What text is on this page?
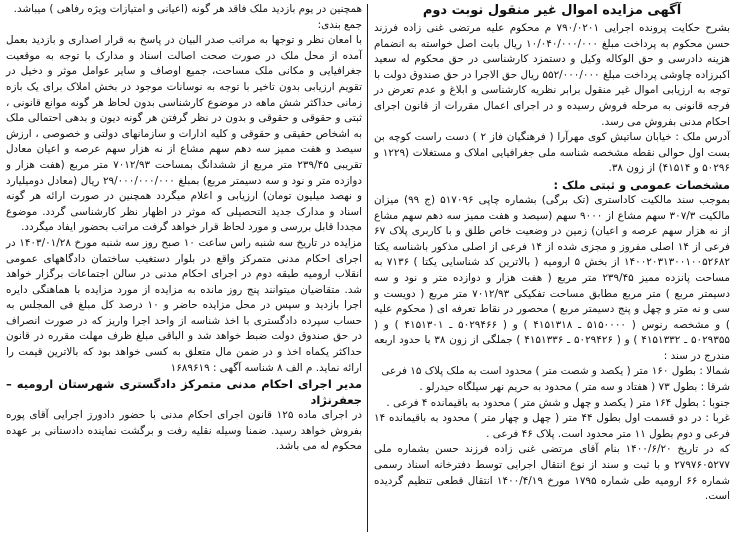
آگهی مزایده اموال غیر منقول نوبت دوم

بشرح حکایت پرونده اجرایی ۷۹۰/۰۲۰۱ م محکوم علیه مرتضی غنی زاده فرزند حسن محکوم به پرداخت مبلغ ۱۰/۰۴۰/۰۰۰/۰۰۰ ریال بابت اصل خواسته به انضمام هزینه دادرسی و حق الوکاله وکیل و دستمزد کارشناسی در حق محکوم له سعید اکبرزاده چاوشی پرداخت مبلغ ۵۵۲/۰۰۰/۰۰۰ ریال حق الاجرا در حق صندوق دولت با توجه به ارزیابی اموال غیر منقول برابر نظریه کارشناسی و ابلاغ و عدم تعرض در فرجه قانونی به مرحله فروش رسیده و در اجرای اعمال مقررات از قانون اجرای احکام مدنی بفروش می رسد.

آدرس ملک : خیابان ساتیش کوی مهرآرا ( فرهنگیان فاز ۲ ) دست راست کوچه بن بست اول حوالی نقطه مشخصه شناسه ملی جغرافیایی املاک و مستغلات (۱۲۲۹ و ۵۰۲۹۶ و ۴۱۵۱۴) از زون ۳۸.

مشخصات عمومی و ثبتی ملک :

بموجب سند مالکیت کاداستری (تک برگی) بشماره چاپی ۵۱۷۰۹۶ (ج ۹۹) میزان مالکیت ۳۰۷/۳ سهم مشاع از ۹۰۰۰ سهم (سیصد و هفت ممیز سه دهم سهم مشاع از نه هزار سهم عرصه و اعیان) زمین در وضعیت خاص طلق و با کاربری پلاک ۶۷ فرعی از ۱۴ اصلی مفروز و مجزی شده از ۱۴ فرعی از اصلی مذکور باشناسه یکتا ۱۴۰۰۲۰۳۱۳۰۰۱۰۰۵۲۶۸۲ از بخش ۵ ارومیه ( بالاترین کد شناسایی یکتا ) ۷۱۳۶ به مساحت پانزده ممیز ۲۳۹/۴۵ متر مربع ( هفت هزار و دوازده متر و نود و سه دسیمتر مربع ) متر مربع مطابق مساحت تفکیکی ۷۰۱۲/۹۳ متر مربع ( دویست و سی و نه متر و چهل و پنج دسیمتر مربع ) محصور در نقاط تعرفه ای ( محکوم علیه ) و مشخصه رنوس ( ۵۱۵۰۰۰۰ ـ ۴۱۵۱۳۱۸ ) و ( ۵۰۲۹۴۶۶ ـ ۴۱۵۱۳۰۱ ) و ( ۵۰۲۹۳۵۵ ـ ۴۱۵۱۳۳۲ ) و ( ۵۰۲۹۴۲۶ ـ ۴۱۵۱۳۳۶ ) جملگی از زون ۳۸ با حدود اربعه مندرج در سند :

شمالا : بطول ۱۶۰ متر ( یکصد و شصت متر ) محدود است به ملک پلاک ۱۵ فرعی

شرقا : بطول ۷۳ ( هفتاد و سه متر ) محدود به حریم نهر سیلگاه حیدرلو .

جنوبا : بطول ۱۶۴ متر ( یکصد و چهل و شش متر ) محدود به باقیمانده ۴ فرعی .

غربا : در دو قسمت اول بطول ۴۴ متر ( چهل و چهار متر ) محدود به باقیمانده ۱۴ فرعی و دوم بطول ۱۱ متر محدود است. پلاک ۴۶ فرعی .

که در تاریخ ۱۴۰۰/۶/۲۰ بنام آقای مرتضی غنی زاده فرزند حسن بشماره ملی ۲۷۹۷۶۰۵۲۷۷ و با ثبت و سند از نوع انتقال اجرایی توسط دفترخانه اسناد رسمی شماره ۶۶ ارومیه طی شماره ۱۷۹۵ مورخ ۱۴۰۰/۴/۱۹ انتقال قطعی تنظیم گردیده است.

همچنین در یوم بازدید ملک فاقد هر گونه (اعیانی و امتیازات ویژه رفاهی ) میباشد.

جمع بندی:

با امعان نظر و توجها به مراتب صدر البیان در پاسخ به قرار اصداری و بازدید بعمل آمده از محل ملک در صورت صحت اصالت اسناد و مدارک با توجه به موقعیت جغرافیایی و مکانی ملک مساحت، جمیع اوصاف و سایر عوامل موثر و دخیل در تقویم ارزیابی بدون تاخیر با توجه به نوسانات موجود در بخش املاک برای یک بازه زمانی حداکثر شش ماهه در موضوع کارشناسی بدون لحاظ هر گونه موانع قانونی ، ثبتی و حقوقی و حقوقی و بدون در نظر گرفتن هر گونه دیون و بدهی احتمالی ملک به اشخاص حقیقی و حقوقی و کلیه ادارات و سازمانهای دولتی و خصوصی ، ارزش سیصد و هفت ممیز سه دهم سهم مشاع از نه هزار سهم عرصه و اعیان معادل تقریبی ۲۳۹/۴۵ متر مربع از ششدانگ بمساحت ۷۰۱۲/۹۳ متر مربع (هفت هزار و دوازده متر و نود و سه دسیمتر مربع) بمبلغ ۲۹/۰۰۰/۰۰۰/۰۰۰ ریال (معادل دومیلیارد و نهصد میلیون تومان) ارزیابی و اعلام میگردد همچنین در صورت ارائه هر گونه اسناد و مدارک جدید التحصیلی که موثر در اظهار نظر کارشناسی گردد. موضوع مجددا قابل بررسی و مورد لحاظ قرار خواهد گرفت مراتب بحضور ایفاد میگردد.

مزایده در تاریخ سه شنبه راس ساعت ۱۰ صبح روز سه شنبه مورخ ۱۴۰۳/۰۱/۲۸ در اجرای احکام مدنی متمرکز واقع در بلوار دستغیب ساختمان دادگاههای عمومی انقلاب ارومیه طبقه دوم در اجرای احکام مدنی در سالن اجتماعات برگزار خواهد شد. متقاضیان میتوانند پنج روز مانده به مزایده از مورد مزایده با هماهنگی دایره اجرا بازدید و سپس در محل مزایده حاضر و ۱۰ درصد کل مبلغ فی المجلس به حساب سپرده دادگستری با اخذ شناسه از واحد اجرا واریز که در صورت انصراف در حق صندوق دولت ضبط خواهد شد و الباقی مبلغ ظرف مهلت مقرره در قانون حداکثر یکماه اخذ و در ضمن مال متعلق به کسی خواهد بود که بالاترین قیمت را ارائه نماید. م الف ۸ شناسه آگهی : ۱۶۸۹۶۱۹

مدیر اجرای احکام مدنی متمرکز دادگستری شهرستان ارومیه – جعفرنژاد

در اجرای ماده ۱۲۵ قانون اجرای احکام مدنی با حضور دادورز اجرایی آقای پوره بفروش خواهد رسید. ضمنا وسیله نقلیه رفت و برگشت نماینده دادستانی بر عهده محکوم له می باشد.
